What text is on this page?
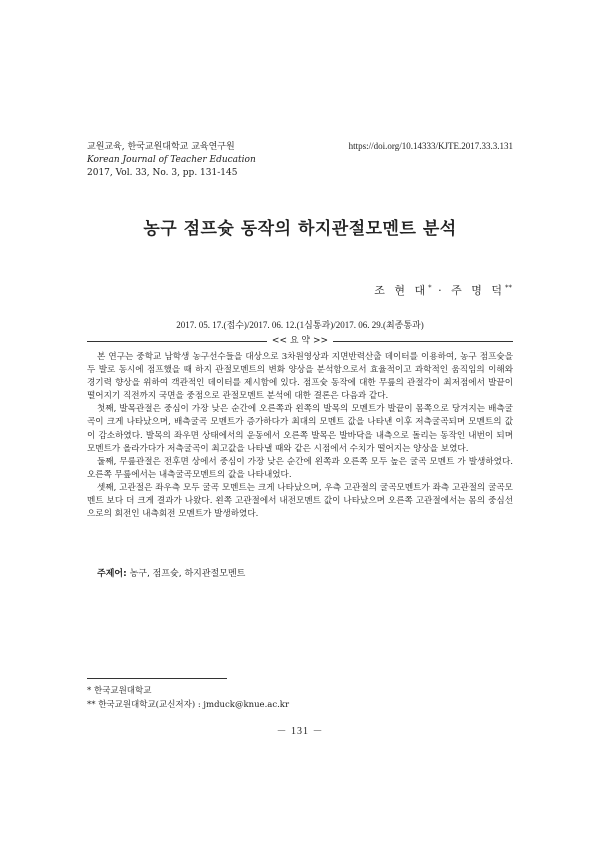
교원교육, 한국교원대학교 교육연구원
Korean Journal of Teacher Education
2017, Vol. 33, No. 3, pp. 131-145
https://doi.org/10.14333/KJTE.2017.33.3.131
농구 점프슛 동작의 하지관절모멘트 분석
조 현 대* · 주 명 덕**
2017. 05. 17.(접수)/2017. 06. 12.(1심통과)/2017. 06. 29.(최종통과)
<< 요 약 >>

본 연구는 중학교 남학생 농구선수들을 대상으로 3차원영상과 지면반력산출 데이터를 이용하여, 농구 점프슛을 두 발로 동시에 점프했을 때 하지 관절모멘트의 변화 양상을 분석함으로서 효율적이고 과학적인 움직임의 이해와 경기력 향상을 위하여 객관적인 데이터를 제시함에 있다. 점프슛 동작에 대한 무릎의 관절각이 최저점에서 발끝이 떨어지기 직전까지 국면을 중점으로 관절모멘트 분석에 대한 결론은 다음과 같다.

첫째, 발목관절은 중심이 가장 낮은 순간에 오른쪽과 왼쪽의 발목의 모멘트가 발끝이 몸쪽으로 당겨지는 배측굴곡이 크게 나타났으며, 배측굴곡 모멘트가 증가하다가 최대의 모멘트 값을 나타낸 이후 저측굴곡되며 모멘트의 값이 감소하였다. 발목의 좌우면 상태에서의 운동에서 오른쪽 발목은 발바닥을 내측으로 돌리는 동작인 내번이 되며 모멘트가 올라가다가 저측굴곡이 최고값을 나타낼 때와 같은 시점에서 수치가 떨어지는 양상을 보였다.

둘째, 무릎관절은 전후면 상에서 중심이 가장 낮은 순간에 왼쪽과 오른쪽 모두 높은 굴곡 모멘트 가 발생하였다. 오른쪽 무릎에서는 내측굴곡모멘트의 값을 나타내었다.

셋째, 고관절은 좌우측 모두 굴곡 모멘트는 크게 나타났으며, 우측 고관절의 굴곡모멘트가 좌측 고관절의 굴곡모멘트 보다 더 크게 결과가 나왔다. 왼쪽 고관절에서 내전모멘트 값이 나타났으며 오른쪽 고관절에서는 몸의 중심선으로의 회전인 내측회전 모멘트가 발생하였다.

주제어: 농구, 점프슛, 하지관절모멘트
* 한국교원대학교
** 한국교원대학교(교신저자) : jmduck@knue.ac.kr
－ 131 －
